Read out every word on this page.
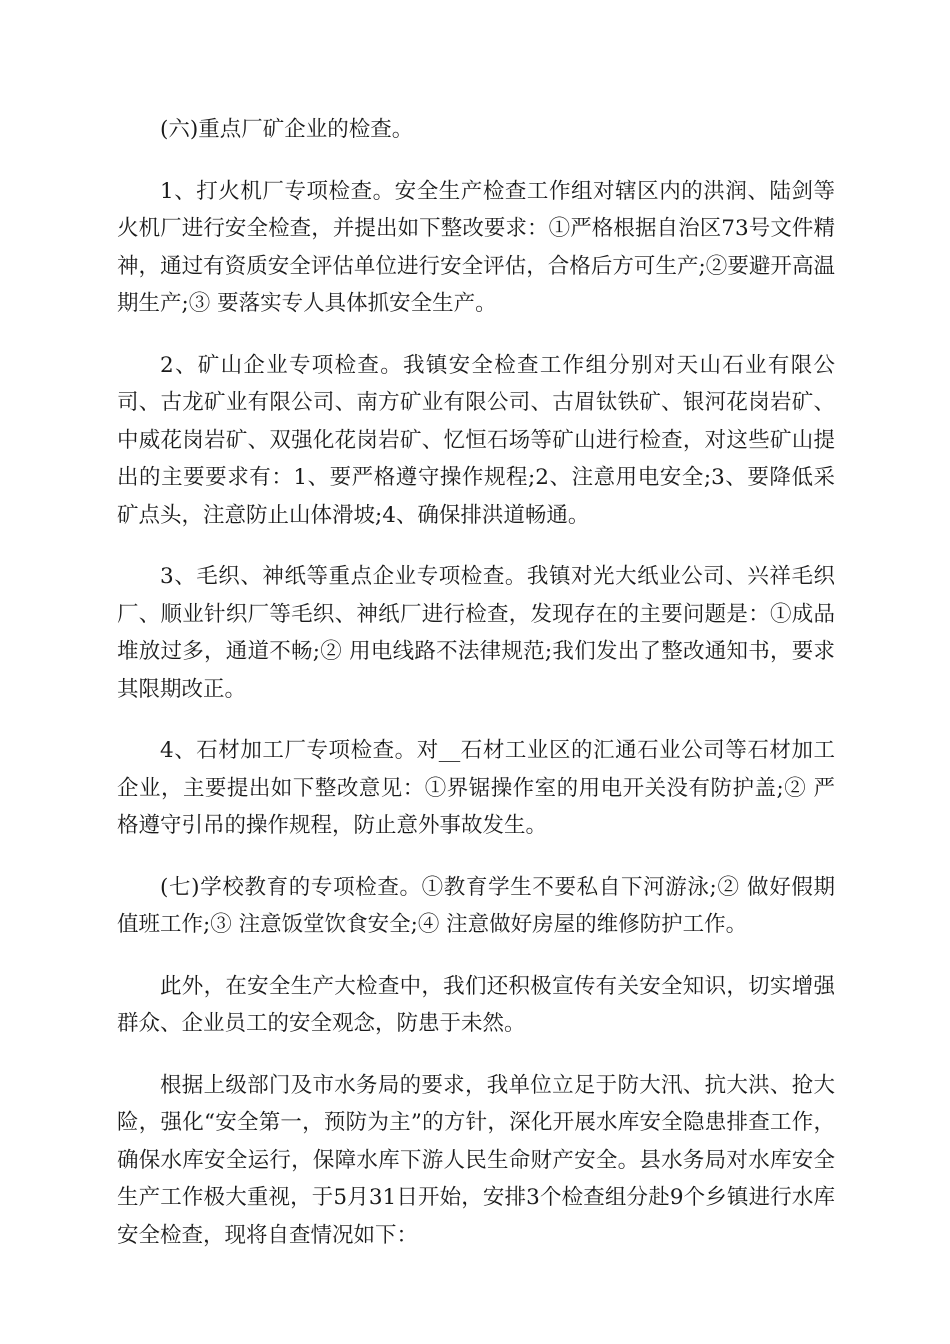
(六)重点厂矿企业的检查。

1、打火机厂专项检查。安全生产检查工作组对辖区内的洪润、陆剑等火机厂进行安全检查，并提出如下整改要求：①严格根据自治区73号文件精神，通过有资质安全评估单位进行安全评估，合格后方可生产;②要避开高温期生产;③ 要落实专人具体抓安全生产。

2、矿山企业专项检查。我镇安全检查工作组分别对天山石业有限公司、古龙矿业有限公司、南方矿业有限公司、古眉钛铁矿、银河花岗岩矿、中威花岗岩矿、双强化花岗岩矿、忆恒石场等矿山进行检查，对这些矿山提出的主要要求有：1、要严格遵守操作规程;2、注意用电安全;3、要降低采矿点头，注意防止山体滑坡;4、确保排洪道畅通。

3、毛织、神纸等重点企业专项检查。我镇对光大纸业公司、兴祥毛织厂、顺业针织厂等毛织、神纸厂进行检查，发现存在的主要问题是：①成品堆放过多，通道不畅;② 用电线路不法律规范;我们发出了整改通知书，要求其限期改正。

4、石材加工厂专项检查。对__石材工业区的汇通石业公司等石材加工企业，主要提出如下整改意见：①界锯操作室的用电开关没有防护盖;② 严格遵守引吊的操作规程，防止意外事故发生。

(七)学校教育的专项检查。①教育学生不要私自下河游泳;② 做好假期值班工作;③ 注意饭堂饮食安全;④ 注意做好房屋的维修防护工作。

此外，在安全生产大检查中，我们还积极宣传有关安全知识，切实增强群众、企业员工的安全观念，防患于未然。

根据上级部门及市水务局的要求，我单位立足于防大汛、抗大洪、抢大险，强化“安全第一，预防为主”的方针，深化开展水库安全隐患排查工作，确保水库安全运行，保障水库下游人民生命财产安全。县水务局对水库安全生产工作极大重视，于5月31日开始，安排3个检查组分赴9个乡镇进行水库安全检查，现将自查情况如下：
